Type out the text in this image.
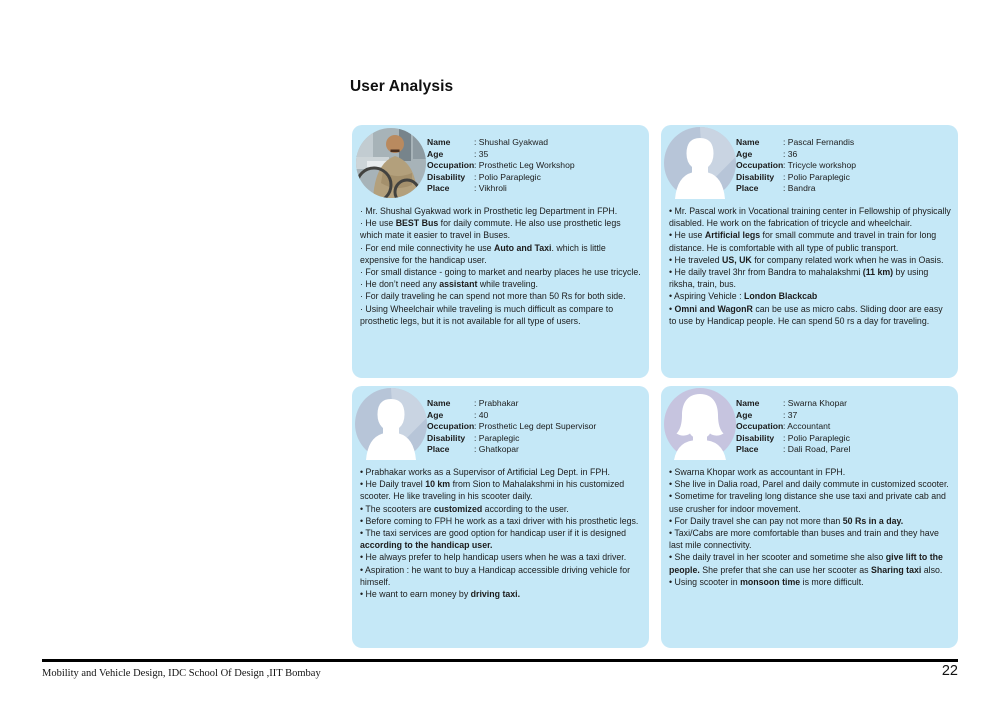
User Analysis
Name	: Shushal Gyakwad
Age	: 35
Occupation: Prosthetic Leg Workshop
Disability : Polio Paraplegic
Place	: Vikhroli

· Mr. Shushal Gyakwad work in Prosthetic leg Department in FPH.

· He use BEST Bus for daily commute. He also use prosthetic legs which mate it easier to travel in Buses.

· For end mile connectivity he use Auto and Taxi. which is little expensive for the handicap user.

· For small distance - going to market and nearby places he use tricycle.

· He don’t need any assistant while traveling.

· For daily traveling he can spend not more than 50 Rs for both side.

· Using Wheelchair while traveling is much difficult as compare to prosthetic legs, but it is not available for all type of users.

Name	: Pascal Fernandis
Age	: 36
Occupation: Tricycle workshop
Disability : Polio Paraplegic
Place	: Bandra

• Mr. Pascal work in Vocational training center in Fellowship of physically disabled. He work on the fabrication of tricycle and wheelchair.

• He use Artificial legs for small commute and travel in train for long distance. He is comfortable with all type of public transport.

• He traveled US, UK for company related work when he was in Oasis.

• He daily travel 3hr from Bandra to mahalakshmi (11 km) by using riksha, train, bus.

• Aspiring Vehicle : London Blackcab

• Omni and WagonR can be use as micro cabs. Sliding door are easy to use by Handicap people. He can spend 50 rs a day for traveling.

Name	: Prabhakar
Age	: 40
Occupation: Prosthetic Leg dept Supervisor
Disability : Paraplegic
Place	: Ghatkopar

• Prabhakar works as a Supervisor of Artificial Leg Dept. in FPH.

• He Daily travel 10 km from Sion to Mahalakshmi in his customized scooter. He like traveling in his scooter daily.

• The scooters are customized according to the user.

• Before coming to FPH he work as a taxi driver with his prosthetic legs.

• The taxi services are good option for handicap user if it is designed according to the handicap user.

• He always prefer to help handicap users when he was a taxi driver.

• Aspiration : he want to buy a Handicap accessible driving vehicle for himself.

• He want to earn money by driving taxi.

Name	: Swarna Khopar
Age	: 37
Occupation: Accountant
Disability : Polio Paraplegic
Place	: Dali Road, Parel

• Swarna Khopar work as accountant in FPH.

• She live in Dalia road, Parel and daily commute in customized scooter.

• Sometime for traveling long distance she use taxi and private cab and use crusher for indoor movement.

• For Daily travel she can pay not more than 50 Rs in a day.

• Taxi/Cabs are more comfortable than buses and train and they have last mile connectivity.

• She daily travel in her scooter and sometime she also give lift to the people. She prefer that she can use her scooter as Sharing taxi also.

• Using scooter in monsoon time is more difficult.

Mobility and Vehicle Design, IDC School Of Design ,IIT Bombay	22
